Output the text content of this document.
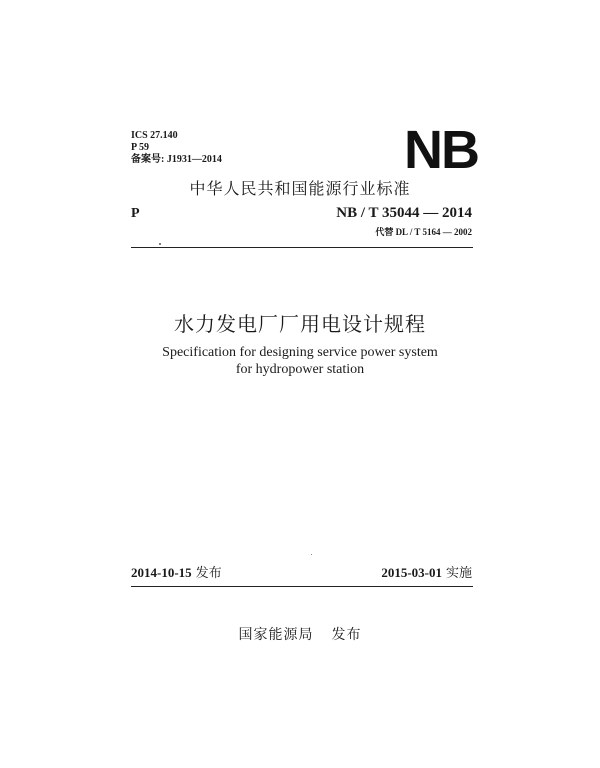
ICS 27.140
P 59
备案号: J1931—2014	NB
中华人民共和国能源行业标准
P	NB / T 35044 — 2014
代替 DL / T 5164 — 2002
水力发电厂厂用电设计规程
Specification for designing service power system
for hydropower station
2014-10-15 发布	2015-03-01 实施
国家能源局 发布
